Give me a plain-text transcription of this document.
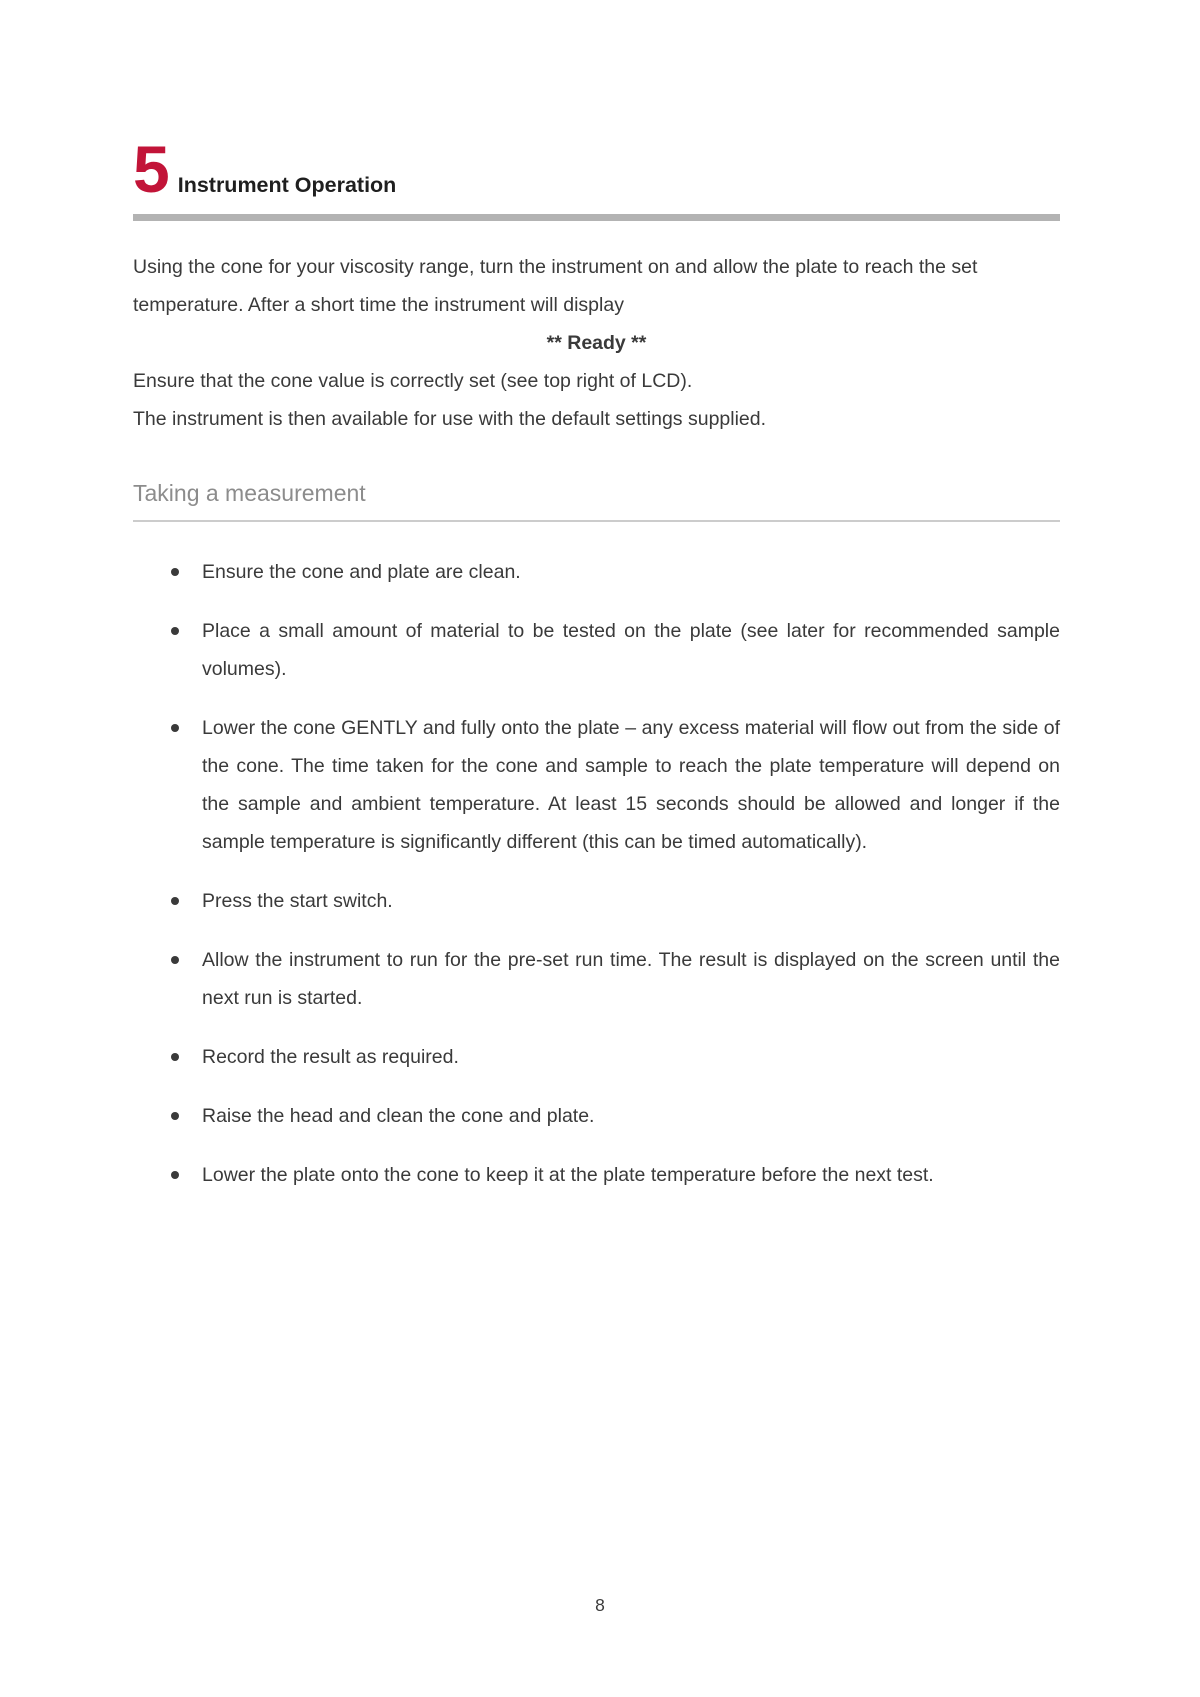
5 Instrument Operation

Using the cone for your viscosity range, turn the instrument on and allow the plate to reach the set temperature. After a short time the instrument will display

** Ready **

Ensure that the cone value is correctly set (see top right of LCD).

The instrument is then available for use with the default settings supplied.

Taking a measurement
Ensure the cone and plate are clean.
Place a small amount of material to be tested on the plate (see later for recommended sample volumes).
Lower the cone GENTLY and fully onto the plate – any excess material will flow out from the side of the cone. The time taken for the cone and sample to reach the plate temperature will depend on the sample and ambient temperature. At least 15 seconds should be allowed and longer if the sample temperature is significantly different (this can be timed automatically).
Press the start switch.
Allow the instrument to run for the pre-set run time. The result is displayed on the screen until the next run is started.
Record the result as required.
Raise the head and clean the cone and plate.
Lower the plate onto the cone to keep it at the plate temperature before the next test.
8
